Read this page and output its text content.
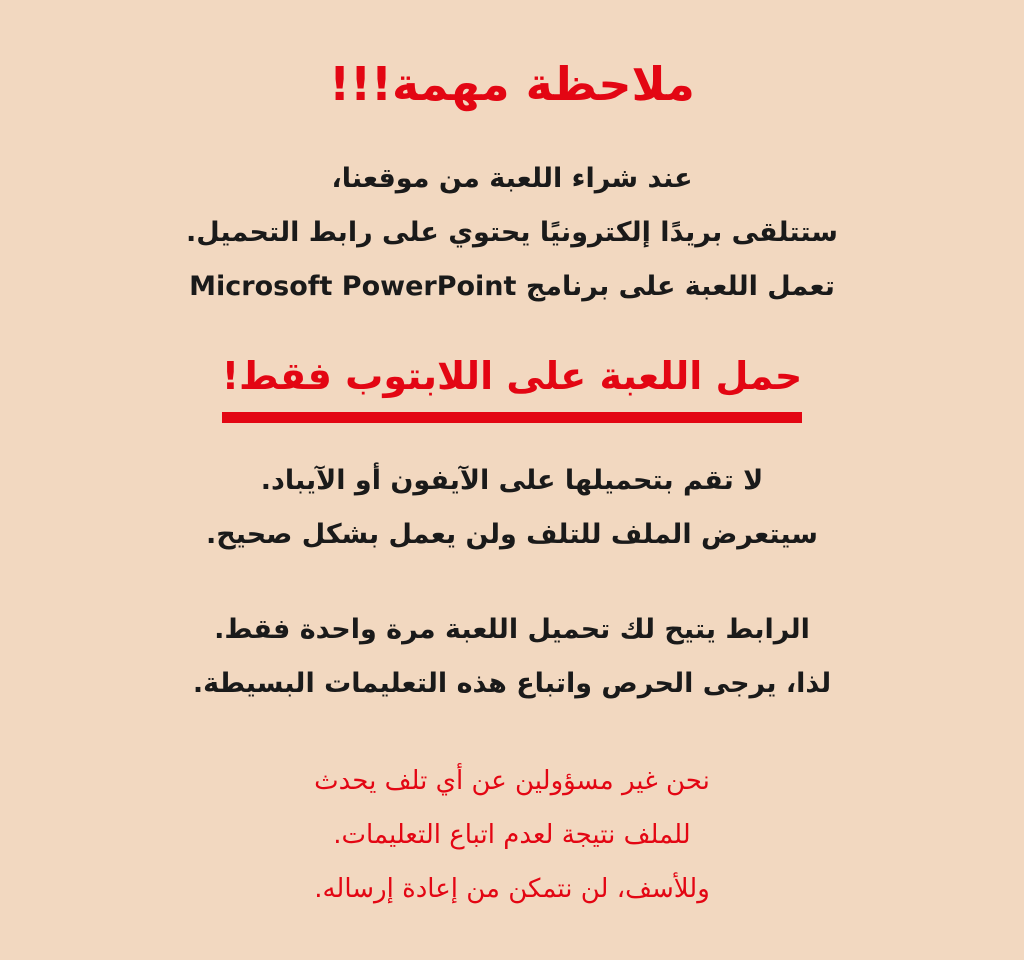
ملاحظة مهمة!!!
عند شراء اللعبة من موقعنا،
ستتلقى بريدًا إلكترونيًا يحتوي على رابط التحميل.
تعمل اللعبة على برنامج Microsoft PowerPoint
حمل اللعبة على اللابتوب فقط!
لا تقم بتحميلها على الآيفون أو الآيباد.
سيتعرض الملف للتلف ولن يعمل بشكل صحيح.
الرابط يتيح لك تحميل اللعبة مرة واحدة فقط.
لذا، يرجى الحرص واتباع هذه التعليمات البسيطة.
نحن غير مسؤولين عن أي تلف يحدث
للملف نتيجة لعدم اتباع التعليمات.
وللأسف، لن نتمكن من إعادة إرساله.
